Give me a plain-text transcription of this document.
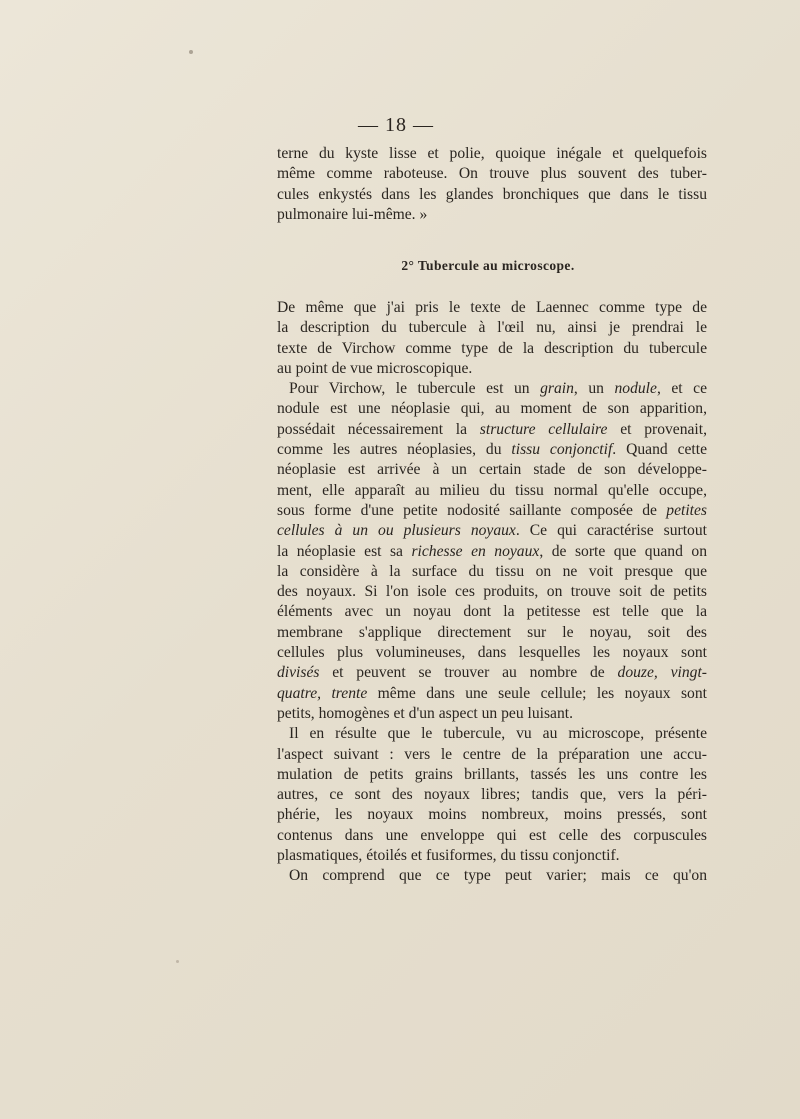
— 18 —
terne du kyste lisse et polie, quoique inégale et quelquefois
même comme raboteuse. On trouve plus souvent des tuber-
cules enkystés dans les glandes bronchiques que dans le tissu
pulmonaire lui-même. »
2° Tubercule au microscope.
De même que j'ai pris le texte de Laennec comme type de
la description du tubercule à l'œil nu, ainsi je prendrai le
texte de Virchow comme type de la description du tubercule
au point de vue microscopique.
Pour Virchow, le tubercule est un grain, un nodule, et ce
nodule est une néoplasie qui, au moment de son apparition,
possédait nécessairement la structure cellulaire et provenait,
comme les autres néoplasies, du tissu conjonctif. Quand cette
néoplasie est arrivée à un certain stade de son développe-
ment, elle apparaît au milieu du tissu normal qu'elle occupe,
sous forme d'une petite nodosité saillante composée de petites
cellules à un ou plusieurs noyaux. Ce qui caractérise surtout
la néoplasie est sa richesse en noyaux, de sorte que quand on
la considère à la surface du tissu on ne voit presque que
des noyaux. Si l'on isole ces produits, on trouve soit de petits
éléments avec un noyau dont la petitesse est telle que la
membrane s'applique directement sur le noyau, soit des
cellules plus volumineuses, dans lesquelles les noyaux sont
divisés et peuvent se trouver au nombre de douze, vingt-
quatre, trente même dans une seule cellule; les noyaux sont
petits, homogènes et d'un aspect un peu luisant.
Il en résulte que le tubercule, vu au microscope, présente
l'aspect suivant : vers le centre de la préparation une accu-
mulation de petits grains brillants, tassés les uns contre les
autres, ce sont des noyaux libres; tandis que, vers la péri-
phérie, les noyaux moins nombreux, moins pressés, sont
contenus dans une enveloppe qui est celle des corpuscules
plasmatiques, étoilés et fusiformes, du tissu conjonctif.
On comprend que ce type peut varier; mais ce qu'on
